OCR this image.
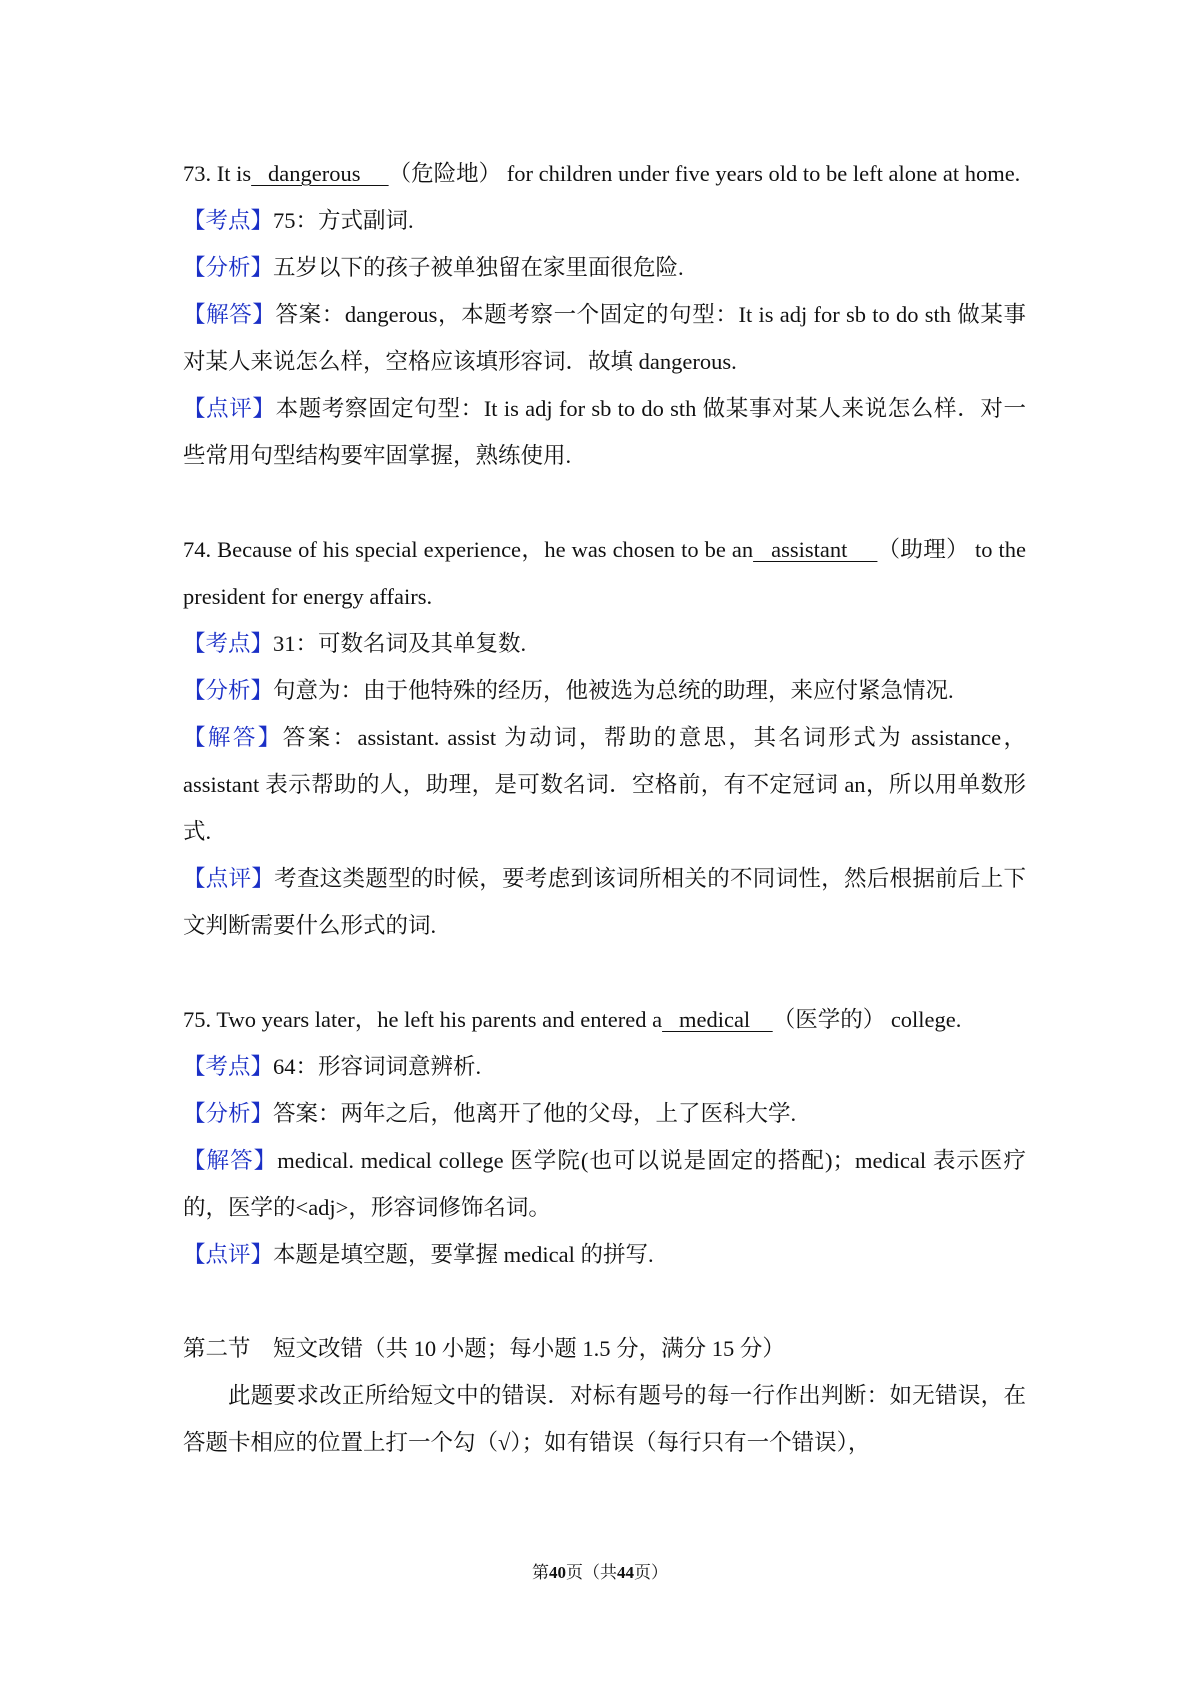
73. It is   dangerous     （危险地） for children under five years old to be left alone at home.

【考点】75：方式副词.

【分析】五岁以下的孩子被单独留在家里面很危险.

【解答】答案：dangerous，本题考察一个固定的句型：It is adj for sb to do sth 做某事对某人来说怎么样，空格应该填形容词．故填 dangerous.

【点评】本题考察固定句型：It is adj for sb to do sth 做某事对某人来说怎么样．对一些常用句型结构要牢固掌握，熟练使用.

74. Because of his special experience，he was chosen to be an   assistant     （助理） to the president for energy affairs.

【考点】31：可数名词及其单复数.

【分析】句意为：由于他特殊的经历，他被选为总统的助理，来应付紧急情况.

【解答】答案：assistant. assist 为动词，帮助的意思，其名词形式为 assistance，assistant 表示帮助的人，助理，是可数名词．空格前，有不定冠词 an，所以用单数形式.

【点评】考查这类题型的时候，要考虑到该词所相关的不同词性，然后根据前后上下文判断需要什么形式的词.

75. Two years later，he left his parents and entered a   medical    （医学的） college.

【考点】64：形容词词意辨析.

【分析】答案：两年之后，他离开了他的父母，上了医科大学.

【解答】medical. medical college 医学院(也可以说是固定的搭配)；medical 表示医疗的，医学的<adj>，形容词修饰名词。

【点评】本题是填空题，要掌握 medical 的拼写.

第二节　短文改错（共 10 小题；每小题 1.5 分，满分 15 分）

此题要求改正所给短文中的错误．对标有题号的每一行作出判断：如无错误，在答题卡相应的位置上打一个勾（√）；如有错误（每行只有一个错误），

第40页（共44页）
